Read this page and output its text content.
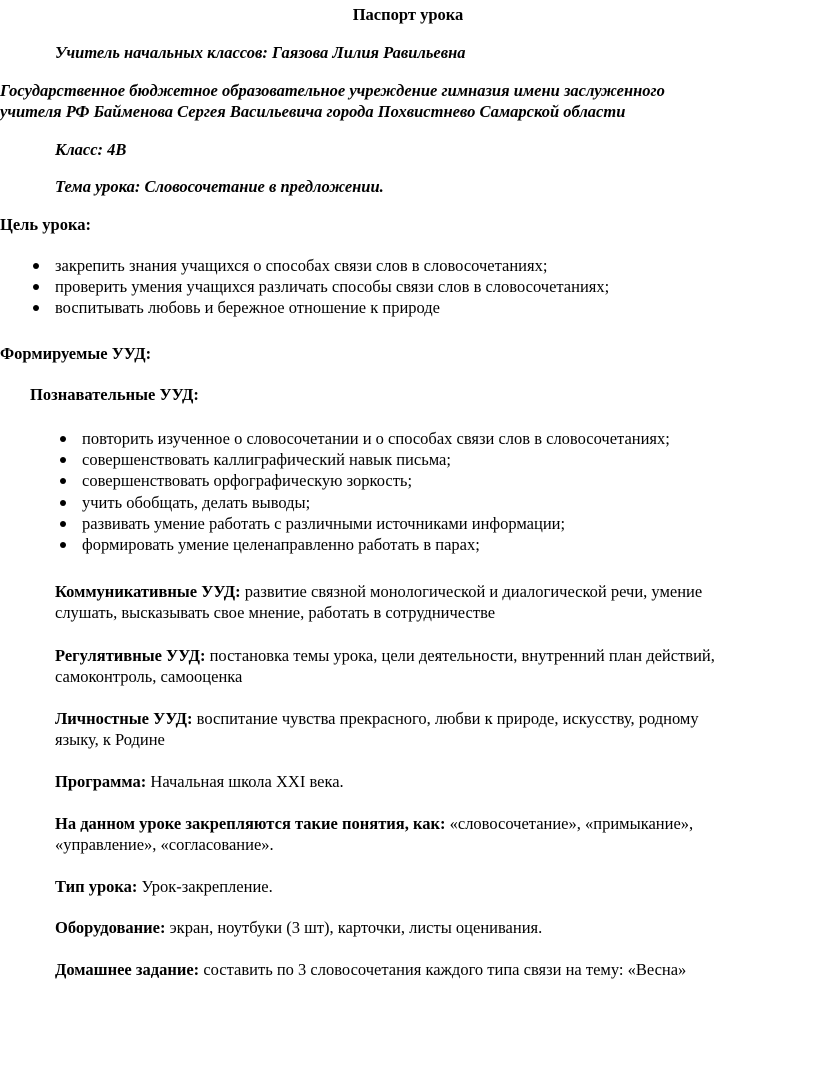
Паспорт урока

Учитель начальных классов: Гаязова Лилия Равильевна

Государственное бюджетное образовательное учреждение гимназия имени заслуженного

учителя РФ Байменова Сергея Васильевича города Похвистнево Самарской области

Класс: 4В

Тема урока: Словосочетание в предложении.

Цель урока:

закрепить знания учащихся о способах связи слов в словосочетаниях;
проверить умения учащихся различать способы связи слов в словосочетаниях;
воспитывать любовь и бережное отношение к природе

Формируемые УУД:

Познавательные УУД:

повторить изученное о словосочетании и о способах связи слов в словосочетаниях;
совершенствовать каллиграфический навык письма;
совершенствовать орфографическую зоркость;
учить обобщать, делать выводы;
развивать умение работать с различными источниками информации;
формировать умение целенаправленно работать в парах;

Коммуникативные УУД: развитие связной монологической и диалогической речи, умение

слушать, высказывать свое мнение, работать в сотрудничестве

Регулятивные УУД: постановка темы урока, цели деятельности, внутренний план действий,

самоконтроль, самооценка

Личностные УУД: воспитание чувства прекрасного, любви к природе, искусству, родному

языку, к Родине

Программа: Начальная школа XXI века.

На данном уроке закрепляются такие понятия, как: «словосочетание», «примыкание»,

«управление», «согласование».

Тип урока: Урок-закрепление.

Оборудование: экран, ноутбуки (3 шт), карточки, листы оценивания.

Домашнее задание: составить по 3 словосочетания каждого типа связи на тему: «Весна»
